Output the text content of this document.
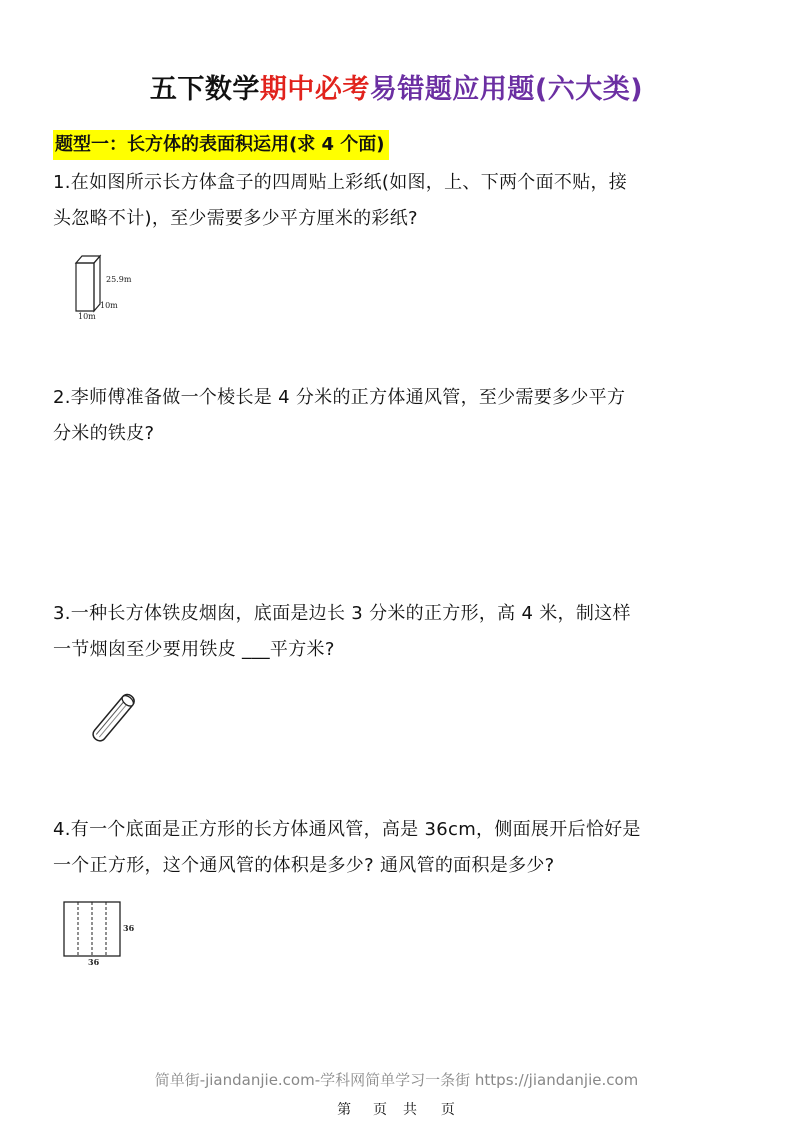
五下数学期中必考易错题应用题(六大类)
题型一：长方体的表面积运用(求 4 个面)
1.在如图所示长方体盒子的四周贴上彩纸(如图，上、下两个面不贴，接
头忽略不计)，至少需要多少平方厘米的彩纸?
25.9m
10m
10m
2.李师傅准备做一个棱长是 4 分米的正方体通风管，至少需要多少平方
分米的铁皮?
3.一种长方体铁皮烟囱，底面是边长 3 分米的正方形，高 4 米，制这样
一节烟囱至少要用铁皮 ___平方米?
4.有一个底面是正方形的长方体通风管，高是 36cm，侧面展开后恰好是
一个正方形，这个通风管的体积是多少? 通风管的面积是多少?
36
36
简单街-jiandanjie.com-学科网简单学习一条街 https://jiandanjie.com
第 页 共 页
